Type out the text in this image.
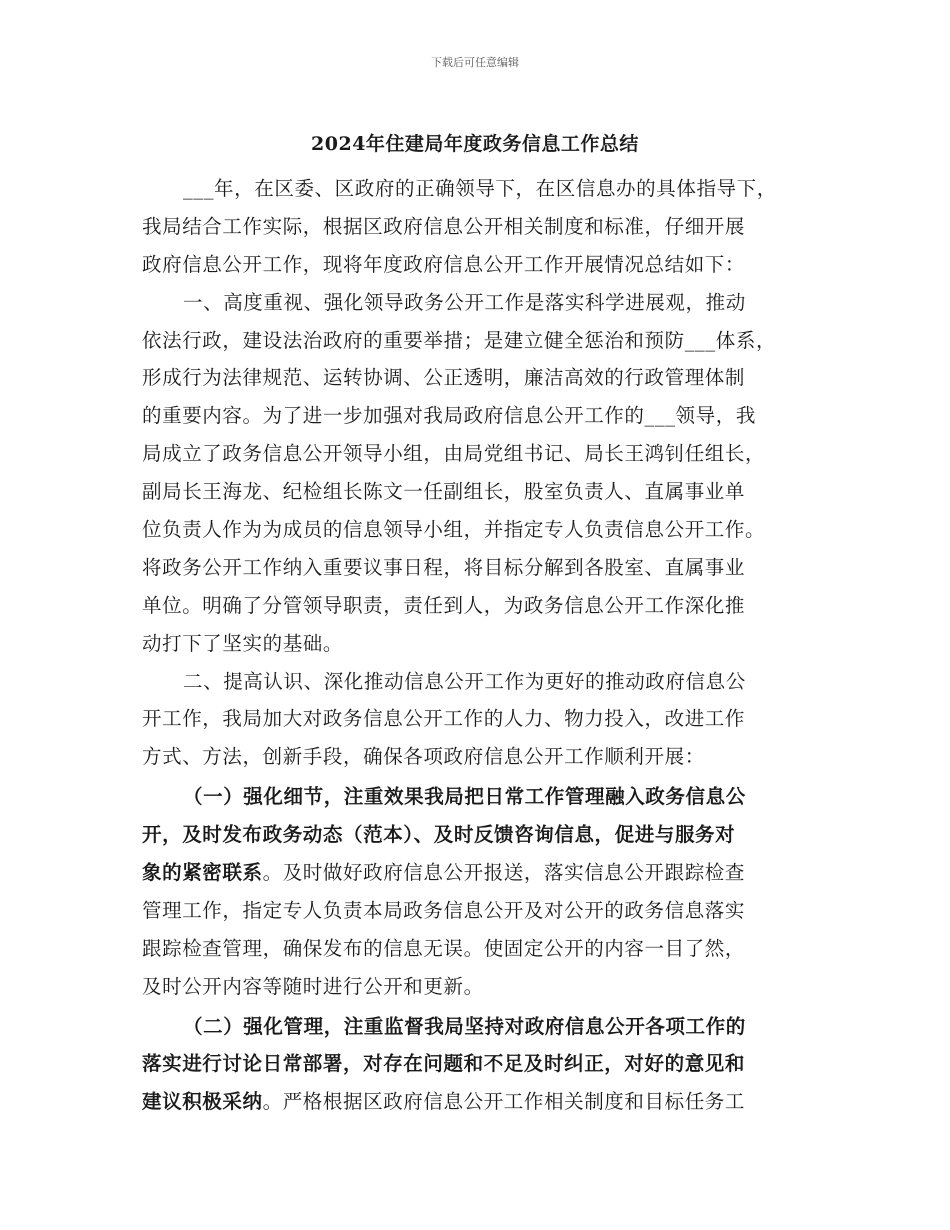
下载后可任意编辑
2024年住建局年度政务信息工作总结
___年，在区委、区政府的正确领导下，在区信息办的具体指导下，
我局结合工作实际，根据区政府信息公开相关制度和标准，仔细开展
政府信息公开工作，现将年度政府信息公开工作开展情况总结如下：
一、高度重视、强化领导政务公开工作是落实科学进展观，推动
依法行政，建设法治政府的重要举措；是建立健全惩治和预防___体系，
形成行为法律规范、运转协调、公正透明，廉洁高效的行政管理体制
的重要内容。为了进一步加强对我局政府信息公开工作的___领导，我
局成立了政务信息公开领导小组，由局党组书记、局长王鸿钊任组长，
副局长王海龙、纪检组长陈文一任副组长，股室负责人、直属事业单
位负责人作为为成员的信息领导小组，并指定专人负责信息公开工作。
将政务公开工作纳入重要议事日程，将目标分解到各股室、直属事业
单位。明确了分管领导职责，责任到人，为政务信息公开工作深化推
动打下了坚实的基础。
二、提高认识、深化推动信息公开工作为更好的推动政府信息公
开工作，我局加大对政务信息公开工作的人力、物力投入，改进工作
方式、方法，创新手段，确保各项政府信息公开工作顺利开展：
（一）强化细节，注重效果我局把日常工作管理融入政务信息公
开，及时发布政务动态（范本）、及时反馈咨询信息，促进与服务对
象的紧密联系。及时做好政府信息公开报送，落实信息公开跟踪检查
管理工作，指定专人负责本局政务信息公开及对公开的政务信息落实
跟踪检查管理，确保发布的信息无误。使固定公开的内容一目了然，
及时公开内容等随时进行公开和更新。
（二）强化管理，注重监督我局坚持对政府信息公开各项工作的
落实进行讨论日常部署，对存在问题和不足及时纠正，对好的意见和
建议积极采纳。严格根据区政府信息公开工作相关制度和目标任务工
